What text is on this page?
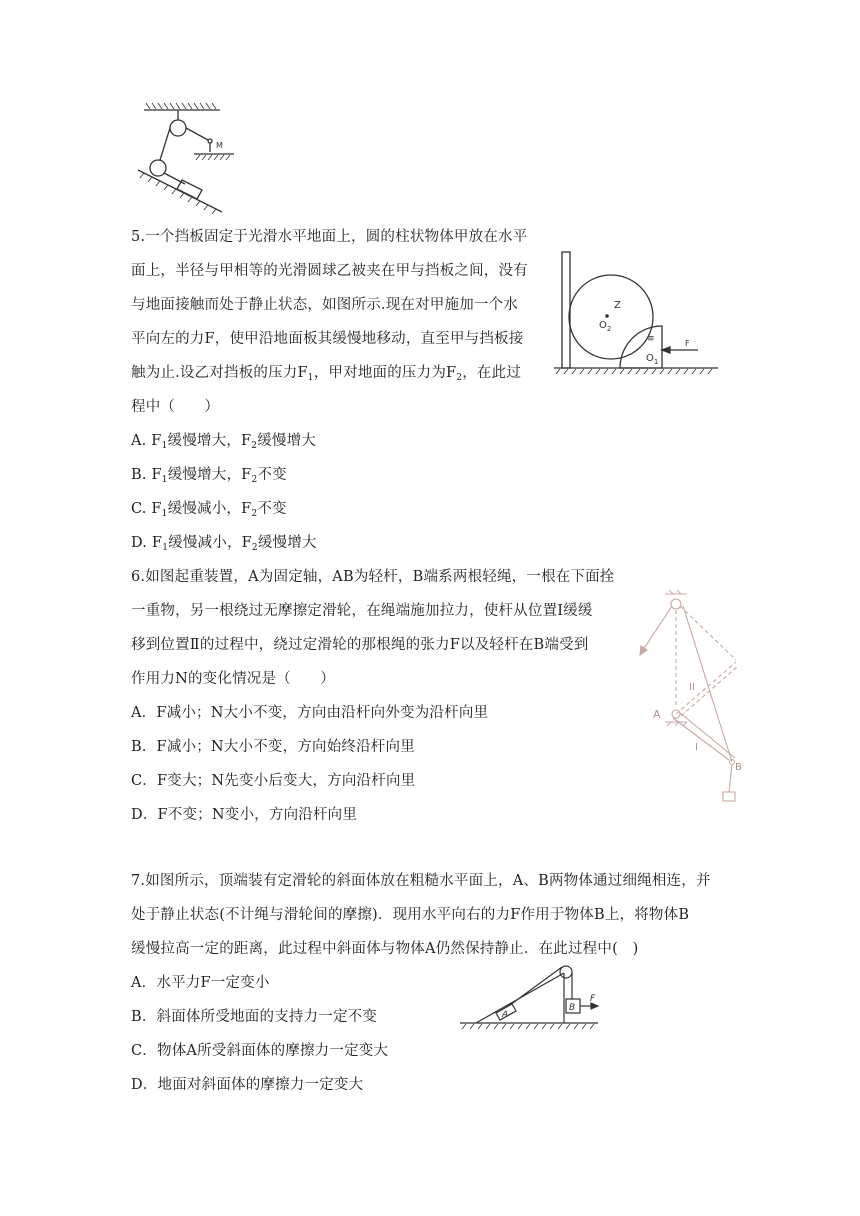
M
5.一个挡板固定于光滑水平地面上，圆的柱状物体甲放在水平
面上，半径与甲相等的光滑圆球乙被夹在甲与挡板之间，没有
与地面接触而处于静止状态，如图所示.现在对甲施加一个水
平向左的力F，使甲沿地面板其缓慢地移动，直至甲与挡板接
触为止.设乙对挡板的压力$F_1$，甲对地面的压力为$F_2$，在此过
程中（　　）
A. $F_1$缓慢增大，$F_2$缓慢增大
B. $F_1$缓慢增大，$F_2$不变
C. $F_1$缓慢减小，$F_2$不变
D. $F_1$缓慢减小，$F_2$缓慢增大
Z
$O_2$
≡
$O_1$
F
6.如图起重装置，A为固定轴，AB为轻杆，B端系两根轻绳，一根在下面拴
一重物，另一根绕过无摩擦定滑轮，在绳端施加拉力，使杆从位置Ⅰ缓缓
移到位置Ⅱ的过程中，绕过定滑轮的那根绳的张力F以及轻杆在B端受到
作用力N的变化情况是（　　）
A．F减小；N大小不变，方向由沿杆向外变为沿杆向里
B．F减小；N大小不变，方向始终沿杆向里
C．F变大；N先变小后变大，方向沿杆向里
D．F不变；N变小，方向沿杆向里
A
B
I
II
7.如图所示，顶端装有定滑轮的斜面体放在粗糙水平面上，A、B两物体通过细绳相连，并
处于静止状态(不计绳与滑轮间的摩擦)．现用水平向右的力F作用于物体B上，将物体B
缓慢拉高一定的距离，此过程中斜面体与物体A仍然保持静止．在此过程中(　)
A．水平力F一定变小
B．斜面体所受地面的支持力一定不变
C．物体A所受斜面体的摩擦力一定变大
D．地面对斜面体的摩擦力一定变大
A
B
F
